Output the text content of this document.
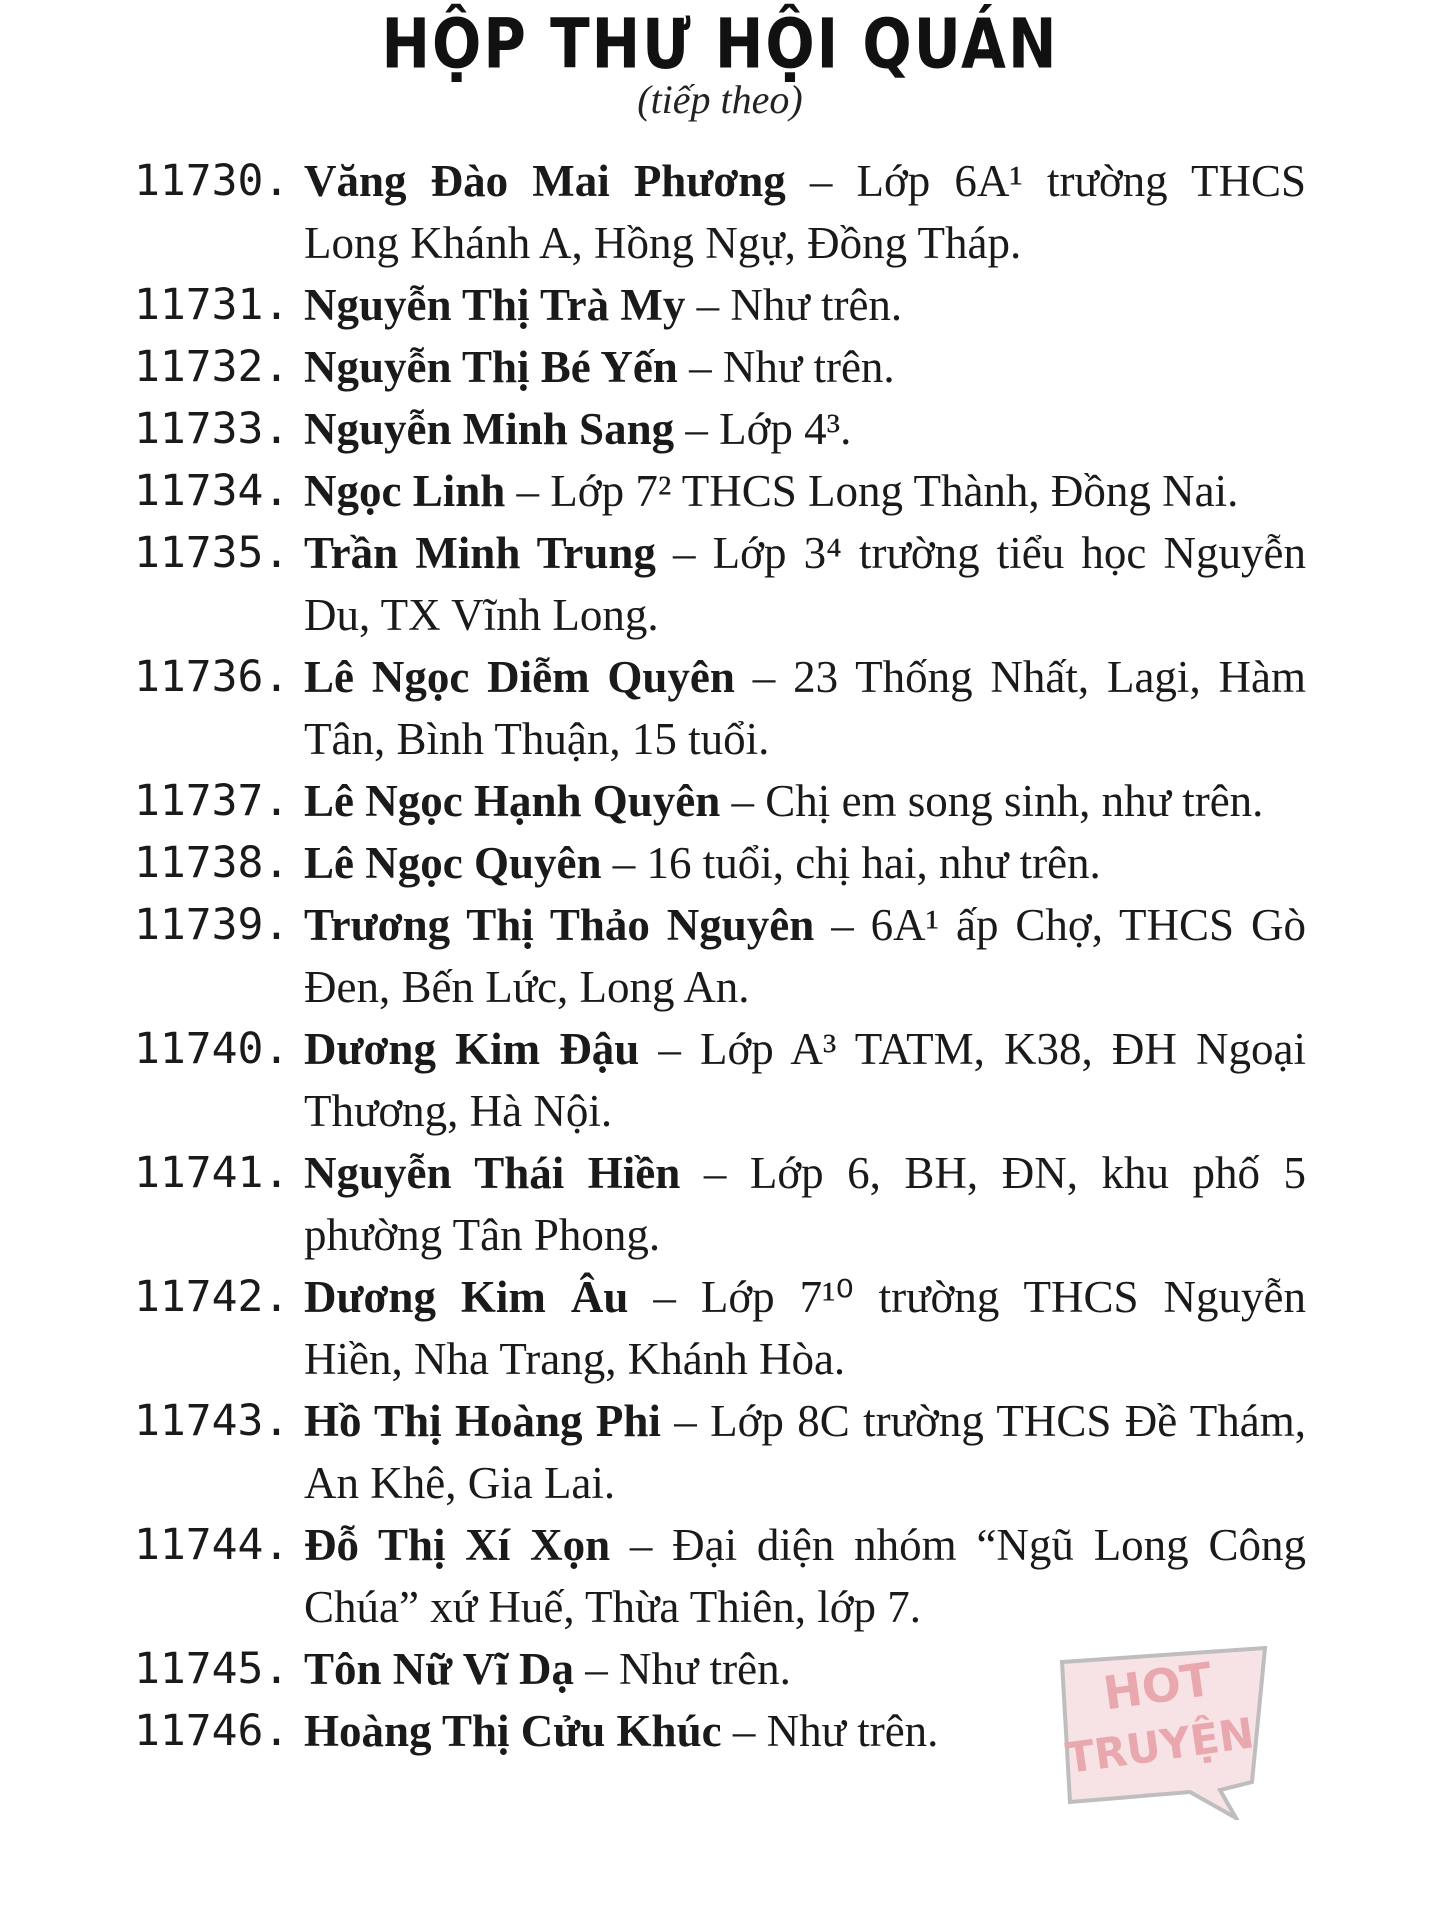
HỘP THƯ HỘI QUÁN
(tiếp theo)
11730. Văng Đào Mai Phương – Lớp 6A¹ trường THCS Long Khánh A, Hồng Ngự, Đồng Tháp.
11731. Nguyễn Thị Trà My – Như trên.
11732. Nguyễn Thị Bé Yến – Như trên.
11733. Nguyễn Minh Sang – Lớp 4³.
11734. Ngọc Linh – Lớp 7² THCS Long Thành, Đồng Nai.
11735. Trần Minh Trung – Lớp 3⁴ trường tiểu học Nguyễn Du, TX Vĩnh Long.
11736. Lê Ngọc Diễm Quyên – 23 Thống Nhất, Lagi, Hàm Tân, Bình Thuận, 15 tuổi.
11737. Lê Ngọc Hạnh Quyên – Chị em song sinh, như trên.
11738. Lê Ngọc Quyên – 16 tuổi, chị hai, như trên.
11739. Trương Thị Thảo Nguyên – 6A¹ ấp Chợ, THCS Gò Đen, Bến Lức, Long An.
11740. Dương Kim Đậu – Lớp A³ TATM, K38, ĐH Ngoại Thương, Hà Nội.
11741. Nguyễn Thái Hiền – Lớp 6, BH, ĐN, khu phố 5 phường Tân Phong.
11742. Dương Kim Âu – Lớp 7¹⁰ trường THCS Nguyễn Hiền, Nha Trang, Khánh Hòa.
11743. Hồ Thị Hoàng Phi – Lớp 8C trường THCS Đề Thám, An Khê, Gia Lai.
11744. Đỗ Thị Xí Xọn – Đại diện nhóm “Ngũ Long Công Chúa” xứ Huế, Thừa Thiên, lớp 7.
11745. Tôn Nữ Vĩ Dạ – Như trên.
11746. Hoàng Thị Cửu Khúc – Như trên.
HOT
TRUYỆN
